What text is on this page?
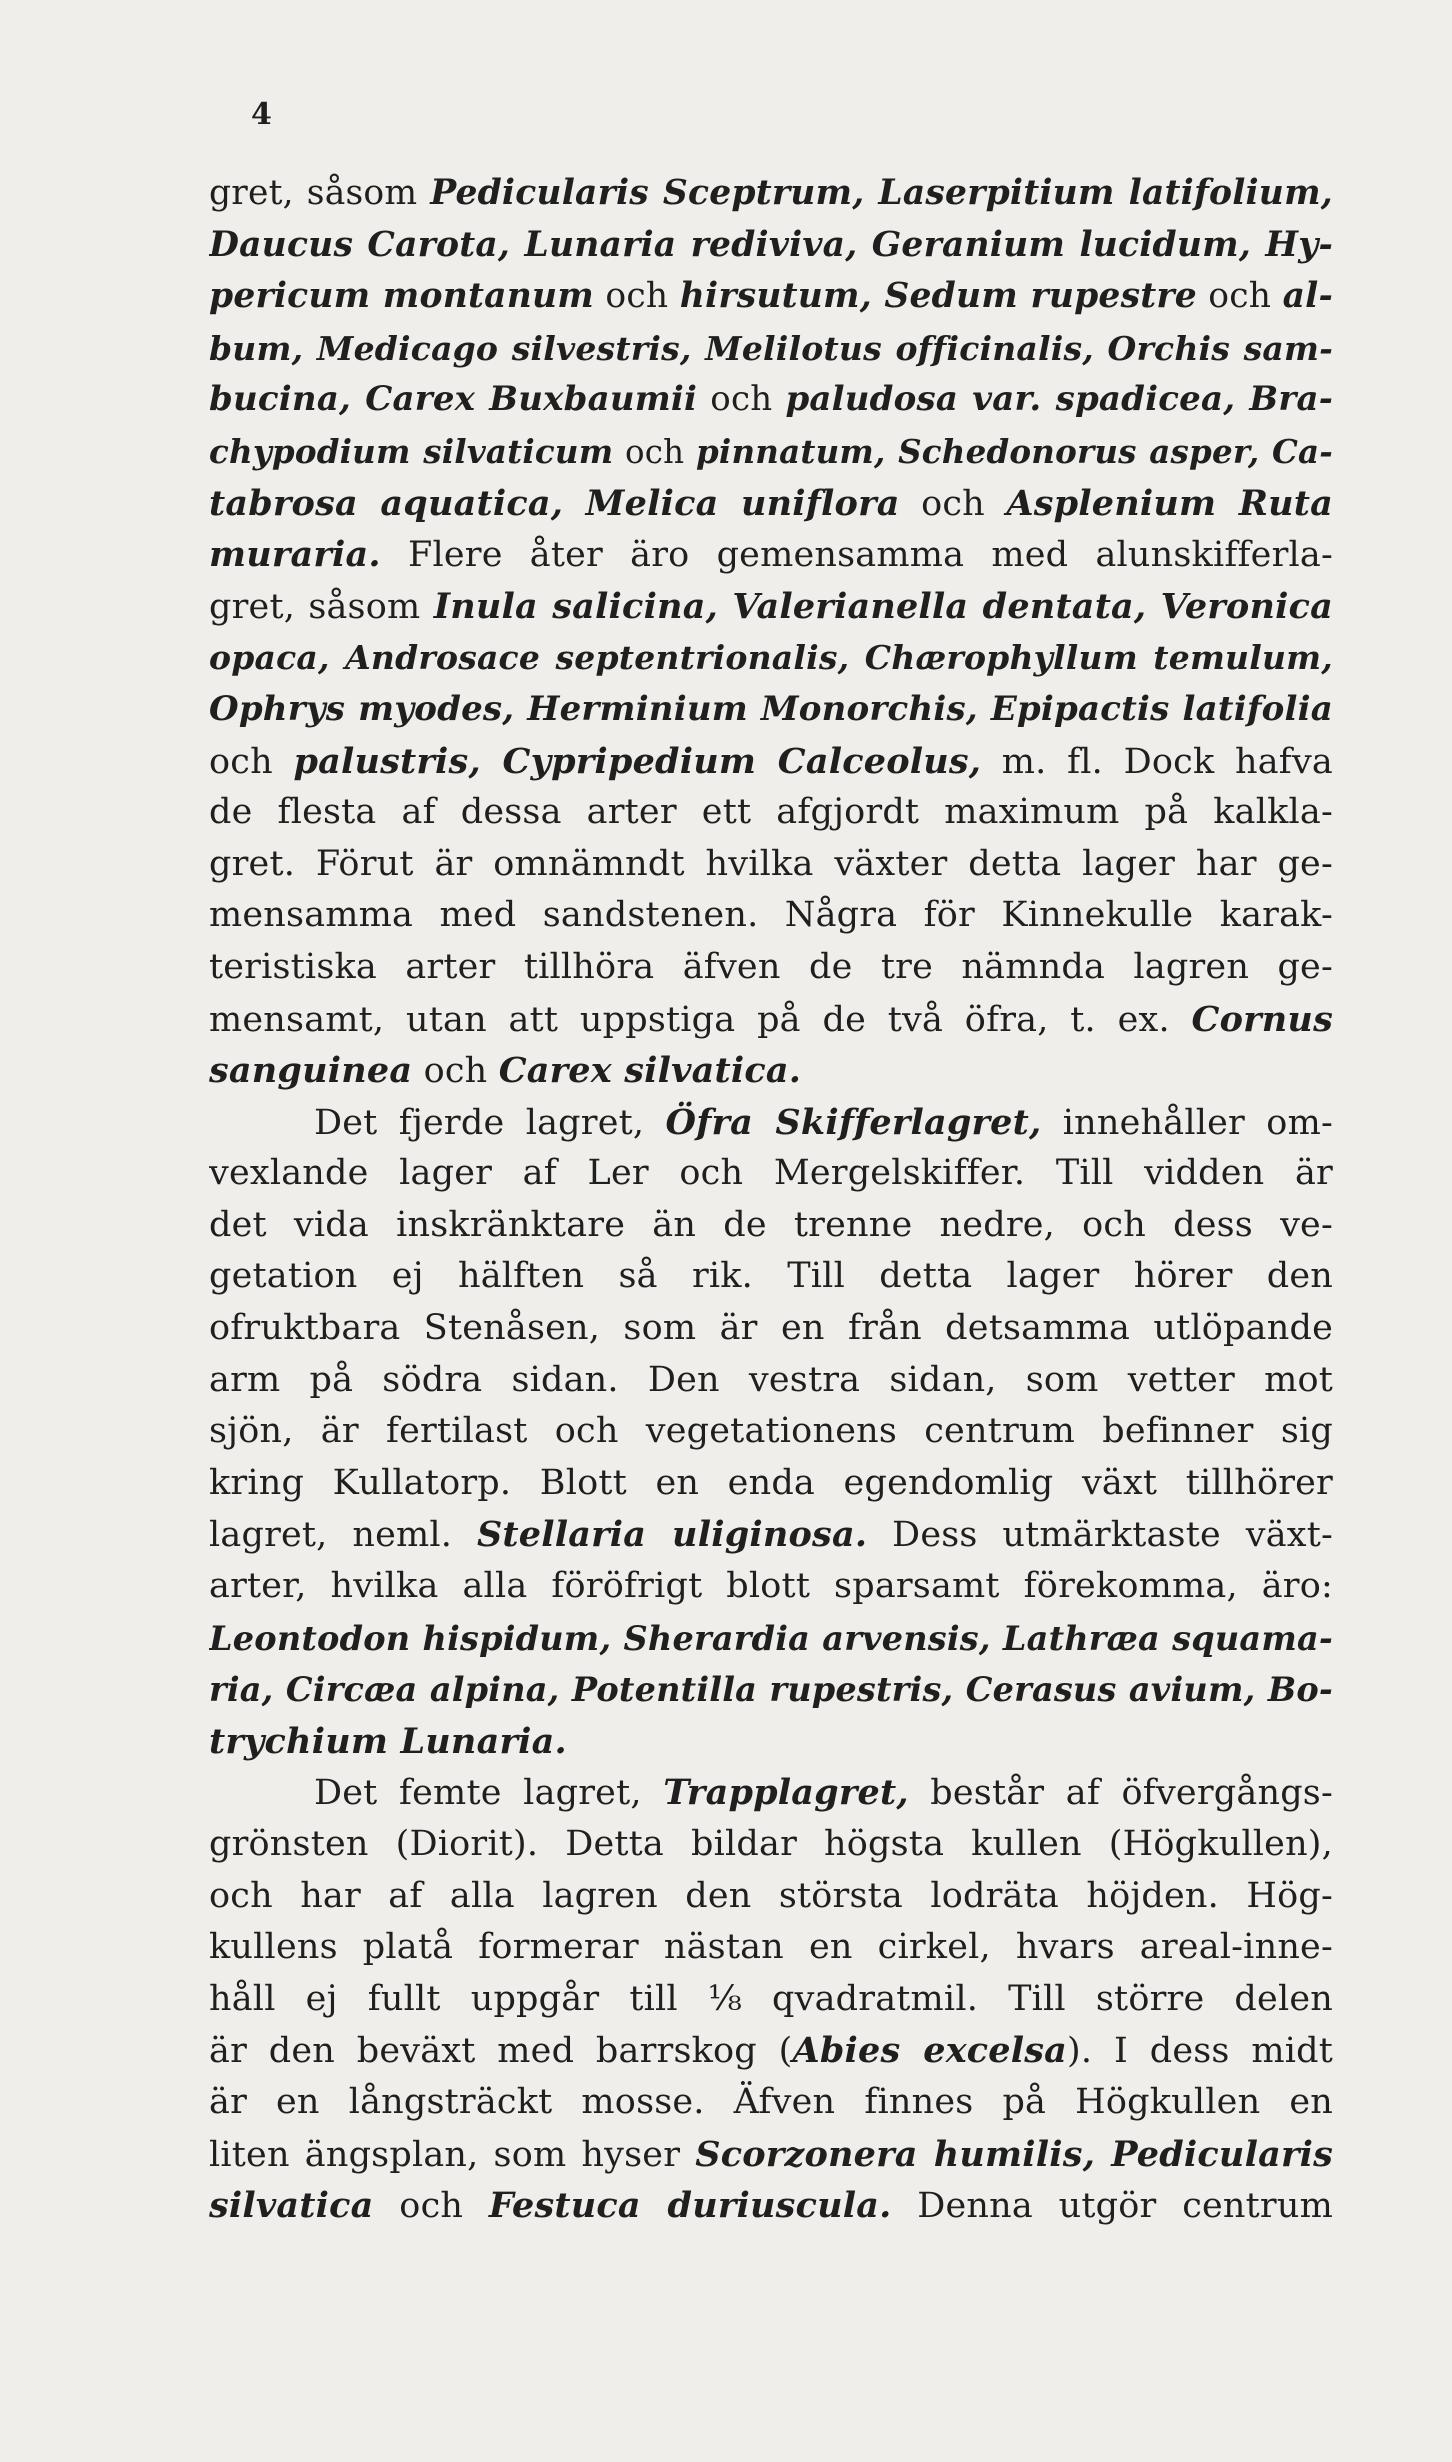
4
gret, såsom Pedicularis Sceptrum, Laserpitium latifolium,
Daucus Carota, Lunaria rediviva, Geranium lucidum, Hy-
pericum montanum och hirsutum, Sedum rupestre och al-
bum, Medicago silvestris, Melilotus officinalis, Orchis sam-
bucina, Carex Buxbaumii och paludosa var. spadicea, Bra-
chypodium silvaticum och pinnatum, Schedonorus asper, Ca-
tabrosa aquatica, Melica uniflora och Asplenium Ruta
muraria. Flere åter äro gemensamma med alunskifferla-
gret, såsom Inula salicina, Valerianella dentata, Veronica
opaca, Androsace septentrionalis, Chærophyllum temulum,
Ophrys myodes, Herminium Monorchis, Epipactis latifolia
och palustris, Cypripedium Calceolus, m. fl. Dock hafva
de flesta af dessa arter ett afgjordt maximum på kalkla-
gret. Förut är omnämndt hvilka växter detta lager har ge-
mensamma med sandstenen. Några för Kinnekulle karak-
teristiska arter tillhöra äfven de tre nämnda lagren ge-
mensamt, utan att uppstiga på de två öfra, t. ex. Cornus
sanguinea och Carex silvatica.
Det fjerde lagret, Öfra Skifferlagret, innehåller om-
vexlande lager af Ler och Mergelskiffer. Till vidden är
det vida inskränktare än de trenne nedre, och dess ve-
getation ej hälften så rik. Till detta lager hörer den
ofruktbara Stenåsen, som är en från detsamma utlöpande
arm på södra sidan. Den vestra sidan, som vetter mot
sjön, är fertilast och vegetationens centrum befinner sig
kring Kullatorp. Blott en enda egendomlig växt tillhörer
lagret, neml. Stellaria uliginosa. Dess utmärktaste växt-
arter, hvilka alla föröfrigt blott sparsamt förekomma, äro:
Leontodon hispidum, Sherardia arvensis, Lathræa squama-
ria, Circæa alpina, Potentilla rupestris, Cerasus avium, Bo-
trychium Lunaria.
Det femte lagret, Trapplagret, består af öfvergångs-
grönsten (Diorit). Detta bildar högsta kullen (Högkullen),
och har af alla lagren den största lodräta höjden. Hög-
kullens platå formerar nästan en cirkel, hvars areal-inne-
håll ej fullt uppgår till ⅛ qvadratmil. Till större delen
är den beväxt med barrskog (Abies excelsa). I dess midt
är en långsträckt mosse. Äfven finnes på Högkullen en
liten ängsplan, som hyser Scorzonera humilis, Pedicularis
silvatica och Festuca duriuscula. Denna utgör centrum
